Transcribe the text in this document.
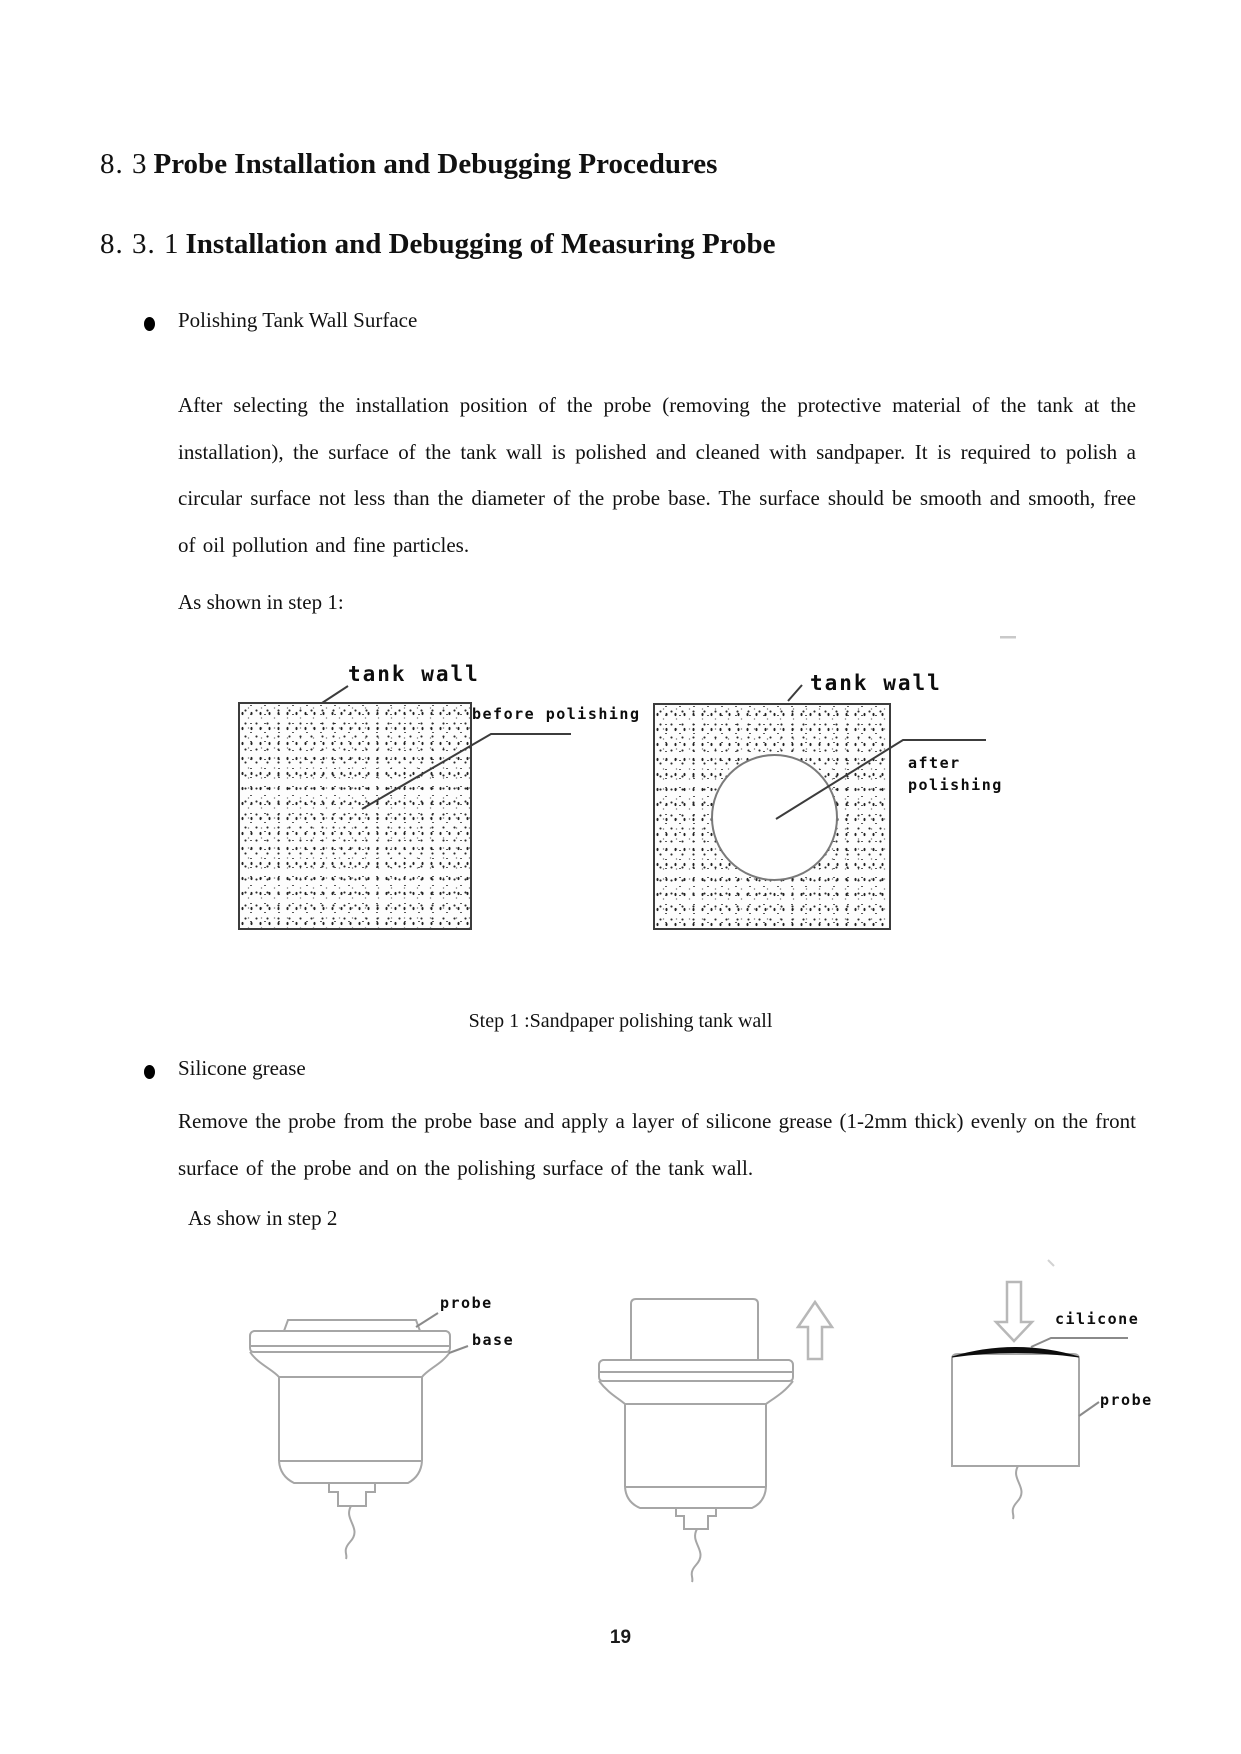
8. 3 Probe Installation and Debugging Procedures
8. 3. 1 Installation and Debugging of Measuring Probe
Polishing Tank Wall Surface
After selecting the installation position of the probe (removing the protective material of the tank at the installation), the surface of the tank wall is polished and cleaned with sandpaper. It is required to polish a circular surface not less than the diameter of the probe base. The surface should be smooth and smooth, free of oil pollution and fine particles.
As shown in step 1:
tank wall
before polishing
tank wall
after
polishing
Step 1 :Sandpaper polishing tank wall
Silicone grease
Remove the probe from the probe base and apply a layer of silicone grease (1-2mm thick) evenly on the front surface of the probe and on the polishing surface of the tank wall.
As show in step 2
probe
base
cilicone
probe
19
